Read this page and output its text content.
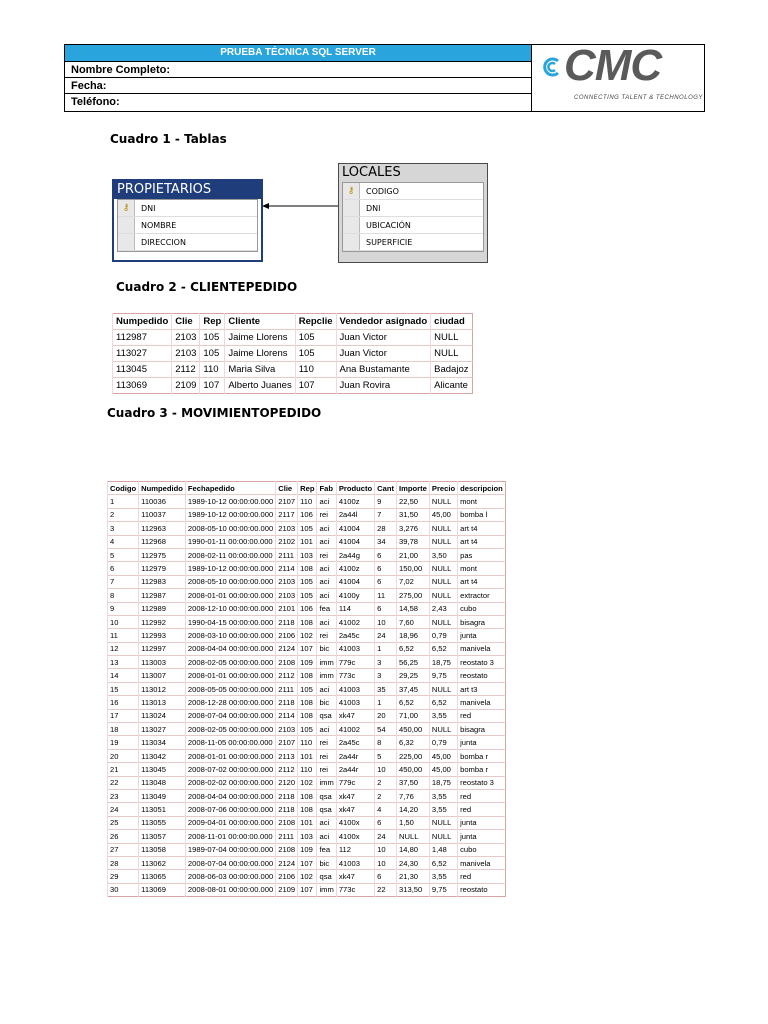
PRUEBA TÉCNICA SQL SERVER
Nombre Completo:
Fecha:
Teléfono:
CMC
CONNECTING TALENT & TECHNOLOGY
Cuadro 1 - Tablas
PROPIETARIOS
⚷	DNI
NOMBRE
DIRECCION
LOCALES
⚷	CODIGO
DNI
UBICACIÓN
SUPERFICIE
Cuadro 2 - CLIENTEPEDIDO
Numpedido	Clie	Rep	Cliente	Repclie	Vendedor asignado	ciudad
112987	2103	105	Jaime Llorens	105	Juan Victor	NULL
113027	2103	105	Jaime Llorens	105	Juan Victor	NULL
113045	2112	110	Maria Silva	110	Ana Bustamante	Badajoz
113069	2109	107	Alberto Juanes	107	Juan Rovira	Alicante
Cuadro 3 - MOVIMIENTOPEDIDO
Codigo	Numpedido	Fechapedido	Clie	Rep	Fab	Producto	Cant	Importe	Precio	descripcion
1	110036	1989-10-12 00:00:00.000	2107	110	aci	4100z	9	22,50	NULL	mont
2	110037	1989-10-12 00:00:00.000	2117	106	rei	2a44l	7	31,50	45,00	bomba l
3	112963	2008-05-10 00:00:00.000	2103	105	aci	41004	28	3,276	NULL	art t4
4	112968	1990-01-11 00:00:00.000	2102	101	aci	41004	34	39,78	NULL	art t4
5	112975	2008-02-11 00:00:00.000	2111	103	rei	2a44g	6	21,00	3,50	pas
6	112979	1989-10-12 00:00:00.000	2114	108	aci	4100z	6	150,00	NULL	mont
7	112983	2008-05-10 00:00:00.000	2103	105	aci	41004	6	7,02	NULL	art t4
8	112987	2008-01-01 00:00:00.000	2103	105	aci	4100y	11	275,00	NULL	extractor
9	112989	2008-12-10 00:00:00.000	2101	106	fea	114	6	14,58	2,43	cubo
10	112992	1990-04-15 00:00:00.000	2118	108	aci	41002	10	7,60	NULL	bisagra
11	112993	2008-03-10 00:00:00.000	2106	102	rei	2a45c	24	18,96	0,79	junta
12	112997	2008-04-04 00:00:00.000	2124	107	bic	41003	1	6,52	6,52	manivela
13	113003	2008-02-05 00:00:00.000	2108	109	imm	779c	3	56,25	18,75	reostato 3
14	113007	2008-01-01 00:00:00.000	2112	108	imm	773c	3	29,25	9,75	reostato
15	113012	2008-05-05 00:00:00.000	2111	105	aci	41003	35	37,45	NULL	art t3
16	113013	2008-12-28 00:00:00.000	2118	108	bic	41003	1	6,52	6,52	manivela
17	113024	2008-07-04 00:00:00.000	2114	108	qsa	xk47	20	71,00	3,55	red
18	113027	2008-02-05 00:00:00.000	2103	105	aci	41002	54	450,00	NULL	bisagra
19	113034	2008-11-05 00:00:00.000	2107	110	rei	2a45c	8	6,32	0,79	junta
20	113042	2008-01-01 00:00:00.000	2113	101	rei	2a44r	5	225,00	45,00	bomba r
21	113045	2008-07-02 00:00:00.000	2112	110	rei	2a44r	10	450,00	45,00	bomba r
22	113048	2008-02-02 00:00:00.000	2120	102	imm	779c	2	37,50	18,75	reostato 3
23	113049	2008-04-04 00:00:00.000	2118	108	qsa	xk47	2	7,76	3,55	red
24	113051	2008-07-06 00:00:00.000	2118	108	qsa	xk47	4	14,20	3,55	red
25	113055	2009-04-01 00:00:00.000	2108	101	aci	4100x	6	1,50	NULL	junta
26	113057	2008-11-01 00:00:00.000	2111	103	aci	4100x	24	NULL	NULL	junta
27	113058	1989-07-04 00:00:00.000	2108	109	fea	112	10	14,80	1,48	cubo
28	113062	2008-07-04 00:00:00.000	2124	107	bic	41003	10	24,30	6,52	manivela
29	113065	2008-06-03 00:00:00.000	2106	102	qsa	xk47	6	21,30	3,55	red
30	113069	2008-08-01 00:00:00.000	2109	107	imm	773c	22	313,50	9,75	reostato
